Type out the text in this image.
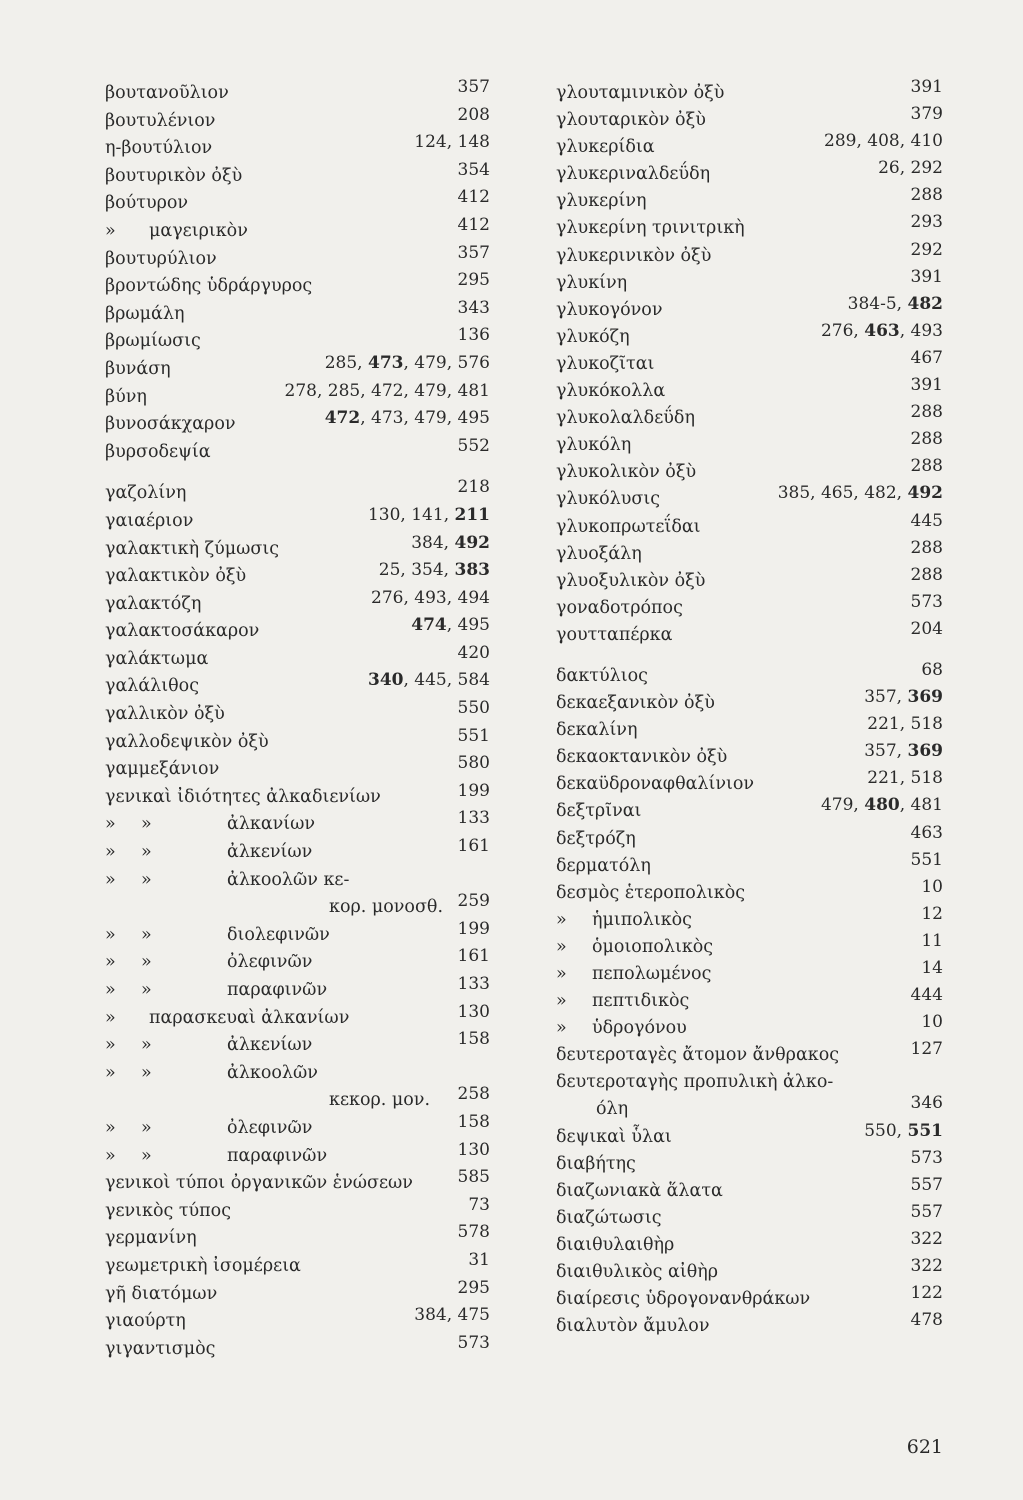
βουτανοῦλιον	357
βουτυλένιον	208
η-βουτύλιον	124, 148
βουτυρικὸν ὀξὺ	354
βούτυρον	412
» μαγειρικὸν	412
βουτυρύλιον	357
βροντώδης ὑδράργυρος	295
βρωμάλη	343
βρωμίωσις	136
βυνάση	285, 473, 479, 576
βύνη	278, 285, 472, 479, 481
βυνοσάκχαρον	472, 473, 479, 495
βυρσοδεψία	552
γαζολίνη	218
γαιαέριον	130, 141, 211
γαλακτικὴ ζύμωσις	384, 492
γαλακτικὸν ὀξὺ	25, 354, 383
γαλακτόζη	276, 493, 494
γαλακτοσάκαρον	474, 495
γαλάκτωμα	420
γαλάλιθος	340, 445, 584
γαλλικὸν ὀξὺ	550
γαλλοδεψικὸν ὀξὺ	551
γαμμεξάνιον	580
γενικαὶ ἰδιότητες ἀλκαδιενίων	199
» »	ἀλκανίων	133
» »	ἀλκενίων	161
» »	ἀλκοολῶν κε-
κορ. μονοσθ. 259
» »	διολεφινῶν	199
» »	ὀλεφινῶν	161
» »	παραφινῶν	133
» παρασκευαὶ ἀλκανίων	130
» »	ἀλκενίων	158
» »	ἀλκοολῶν
κεκορ. μον. 258
» »	ὀλεφινῶν	158
» »	παραφινῶν	130
γενικοὶ τύποι ὀργανικῶν ἑνώσεων	585
γενικὸς τύπος	73
γερμανίνη	578
γεωμετρικὴ ἰσομέρεια	31
γῆ διατόμων	295
γιαούρτη	384, 475
γιγαντισμὸς	573
γλουταμινικὸν ὀξὺ	391
γλουταρικὸν ὀξὺ	379
γλυκερίδια	289, 408, 410
γλυκεριναλδεΰδη	26, 292
γλυκερίνη	288
γλυκερίνη τρινιτρικὴ	293
γλυκερινικὸν ὀξὺ	292
γλυκίνη	391
γλυκογόνον	384-5, 482
γλυκόζη	276, 463, 493
γλυκοζῖται	467
γλυκόκολλα	391
γλυκολαλδεΰδη	288
γλυκόλη	288
γλυκολικὸν ὀξὺ	288
γλυκόλυσις	385, 465, 482, 492
γλυκοπρωτεΐδαι	445
γλυοξάλη	288
γλυοξυλικὸν ὀξὺ	288
γοναδοτρόπος	573
γουτταπέρκα	204
δακτύλιος	68
δεκαεξανικὸν ὀξὺ	357, 369
δεκαλίνη	221, 518
δεκαοκτανικὸν ὀξὺ	357, 369
δεκαϋδροναφθαλίνιον	221, 518
δεξτρῖναι	479, 480, 481
δεξτρόζη	463
δερματόλη	551
δεσμὸς ἑτεροπολικὸς	10
» ἡμιπολικὸς	12
» ὁμοιοπολικὸς	11
» πεπολωμένος	14
» πεπτιδικὸς	444
» ὑδρογόνου	10
δευτεροταγὲς ἄτομον ἄνθρακος	127
δευτεροταγὴς προπυλικὴ ἀλκο-
όλη	346
δεψικαὶ ὗλαι	550, 551
διαβήτης	573
διαζωνιακὰ ἅλατα	557
διαζώτωσις	557
διαιθυλαιθὴρ	322
διαιθυλικὸς αἰθὴρ	322
διαίρεσις ὑδρογονανθράκων	122
διαλυτὸν ἄμυλον	478
621
